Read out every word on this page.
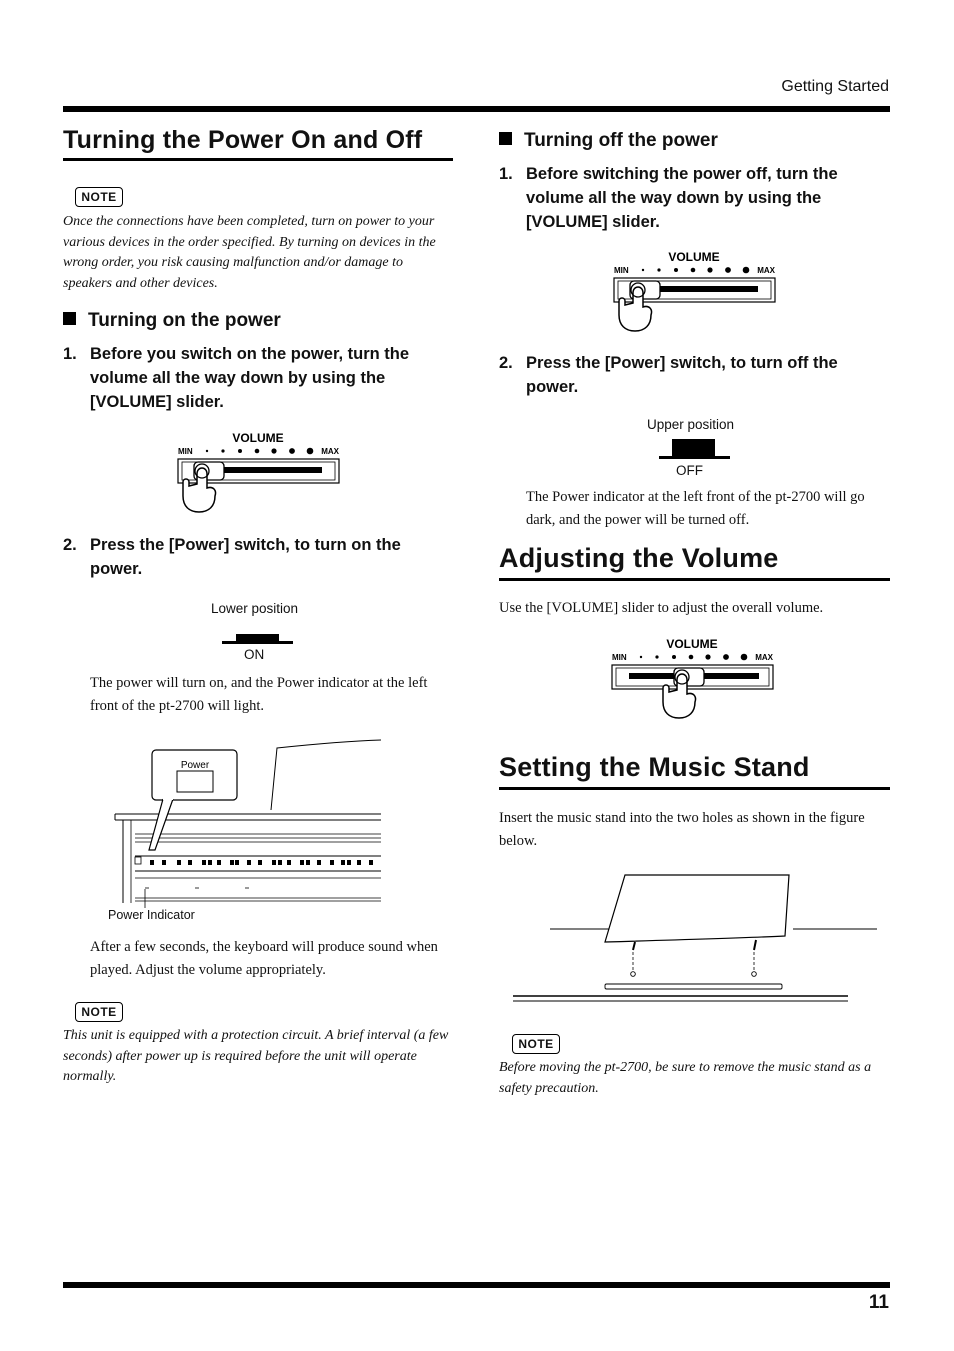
Getting Started
11
Turning the Power On and Off
NOTE
Once the connections have been completed, turn on power to your various devices in the order specified. By turning on devices in the wrong order, you risk causing malfunction and/or damage to speakers and other devices.
Turning on the power
1. Before you switch on the power, turn the volume all the way down by using the [VOLUME] slider.
VOLUME
MIN	MAX
2. Press the [Power] switch, to turn on the power.
Lower position
ON
The power will turn on, and the Power indicator at the left front of the pt-2700 will light.
Power
Power Indicator
After a few seconds, the keyboard will produce sound when played. Adjust the volume appropriately.
NOTE
This unit is equipped with a protection circuit. A brief interval (a few seconds) after power up is required before the unit will operate normally.
Turning off the power
1. Before switching the power off, turn the volume all the way down by using the [VOLUME] slider.
VOLUME
MIN	MAX
2. Press the [Power] switch, to turn off the power.
Upper position
OFF
The Power indicator at the left front of the pt-2700 will go dark, and the power will be turned off.
Adjusting the Volume
Use the [VOLUME] slider to adjust the overall volume.
VOLUME
MIN	MAX
Setting the Music Stand
Insert the music stand into the two holes as shown in the figure below.
NOTE
Before moving the pt-2700, be sure to remove the music stand as a safety precaution.
